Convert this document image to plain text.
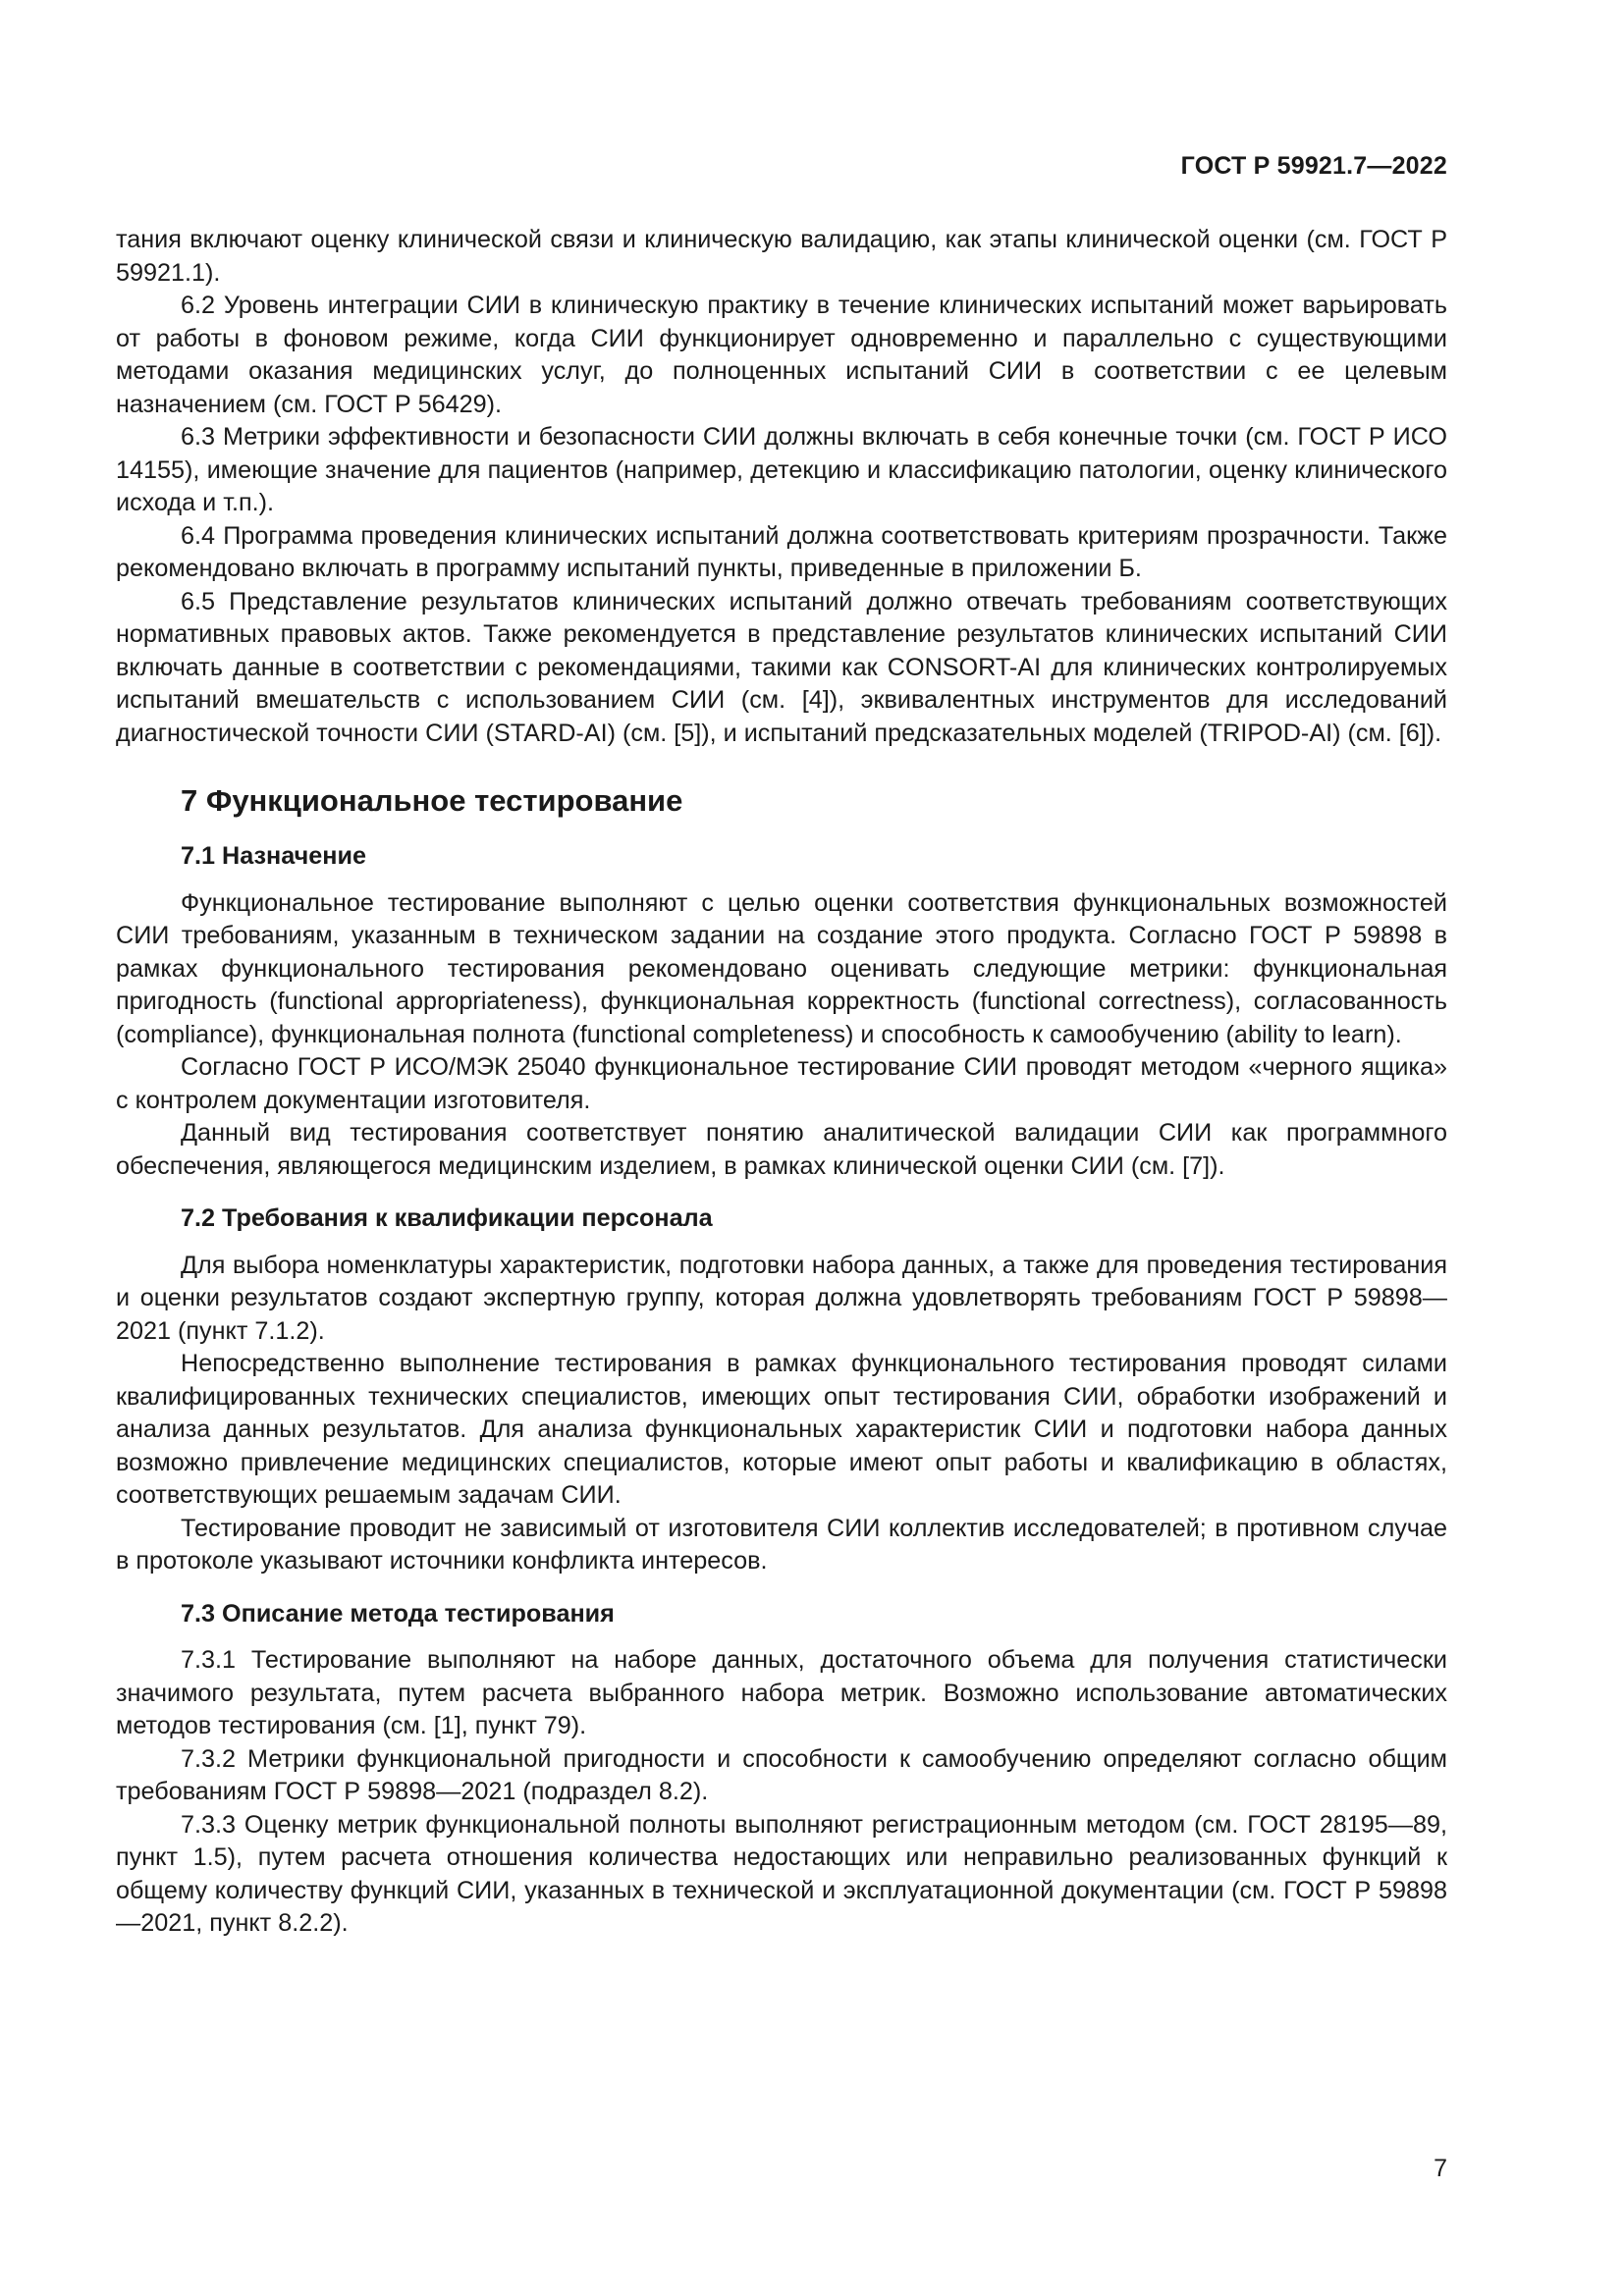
ГОСТ Р 59921.7—2022

тания включают оценку клинической связи и клиническую валидацию, как этапы клинической оценки (см. ГОСТ Р 59921.1).

6.2 Уровень интеграции СИИ в клиническую практику в течение клинических испытаний может варьировать от работы в фоновом режиме, когда СИИ функционирует одновременно и параллельно с существующими методами оказания медицинских услуг, до полноценных испытаний СИИ в соответствии с ее целевым назначением (см. ГОСТ Р 56429).

6.3 Метрики эффективности и безопасности СИИ должны включать в себя конечные точки (см. ГОСТ Р ИСО 14155), имеющие значение для пациентов (например, детекцию и классификацию патологии, оценку клинического исхода и т.п.).

6.4 Программа проведения клинических испытаний должна соответствовать критериям прозрачности. Также рекомендовано включать в программу испытаний пункты, приведенные в приложении Б.

6.5 Представление результатов клинических испытаний должно отвечать требованиям соответствующих нормативных правовых актов. Также рекомендуется в представление результатов клинических испытаний СИИ включать данные в соответствии с рекомендациями, такими как CONSORT-AI для клинических контролируемых испытаний вмешательств с использованием СИИ (см. [4]), эквивалентных инструментов для исследований диагностической точности СИИ (STARD-AI) (см. [5]), и испытаний предсказательных моделей (TRIPOD-AI) (см. [6]).

7 Функциональное тестирование
7.1 Назначение

Функциональное тестирование выполняют с целью оценки соответствия функциональных возможностей СИИ требованиям, указанным в техническом задании на создание этого продукта. Согласно ГОСТ Р 59898 в рамках функционального тестирования рекомендовано оценивать следующие метрики: функциональная пригодность (functional appropriateness), функциональная корректность (functional correctness), согласованность (compliance), функциональная полнота (functional completeness) и способность к самообучению (ability to learn).

Согласно ГОСТ Р ИСО/МЭК 25040 функциональное тестирование СИИ проводят методом «черного ящика» с контролем документации изготовителя.

Данный вид тестирования соответствует понятию аналитической валидации СИИ как программного обеспечения, являющегося медицинским изделием, в рамках клинической оценки СИИ (см. [7]).

7.2 Требования к квалификации персонала

Для выбора номенклатуры характеристик, подготовки набора данных, а также для проведения тестирования и оценки результатов создают экспертную группу, которая должна удовлетворять требованиям ГОСТ Р 59898—2021 (пункт 7.1.2).

Непосредственно выполнение тестирования в рамках функционального тестирования проводят силами квалифицированных технических специалистов, имеющих опыт тестирования СИИ, обработки изображений и анализа данных результатов. Для анализа функциональных характеристик СИИ и подготовки набора данных возможно привлечение медицинских специалистов, которые имеют опыт работы и квалификацию в областях, соответствующих решаемым задачам СИИ.

Тестирование проводит не зависимый от изготовителя СИИ коллектив исследователей; в противном случае в протоколе указывают источники конфликта интересов.

7.3 Описание метода тестирования

7.3.1 Тестирование выполняют на наборе данных, достаточного объема для получения статистически значимого результата, путем расчета выбранного набора метрик. Возможно использование автоматических методов тестирования (см. [1], пункт 79).

7.3.2 Метрики функциональной пригодности и способности к самообучению определяют согласно общим требованиям ГОСТ Р 59898—2021 (подраздел 8.2).

7.3.3 Оценку метрик функциональной полноты выполняют регистрационным методом (см. ГОСТ 28195—89, пункт 1.5), путем расчета отношения количества недостающих или неправильно реализованных функций к общему количеству функций СИИ, указанных в технической и эксплуатационной документации (см. ГОСТ Р 59898—2021, пункт 8.2.2).

7
